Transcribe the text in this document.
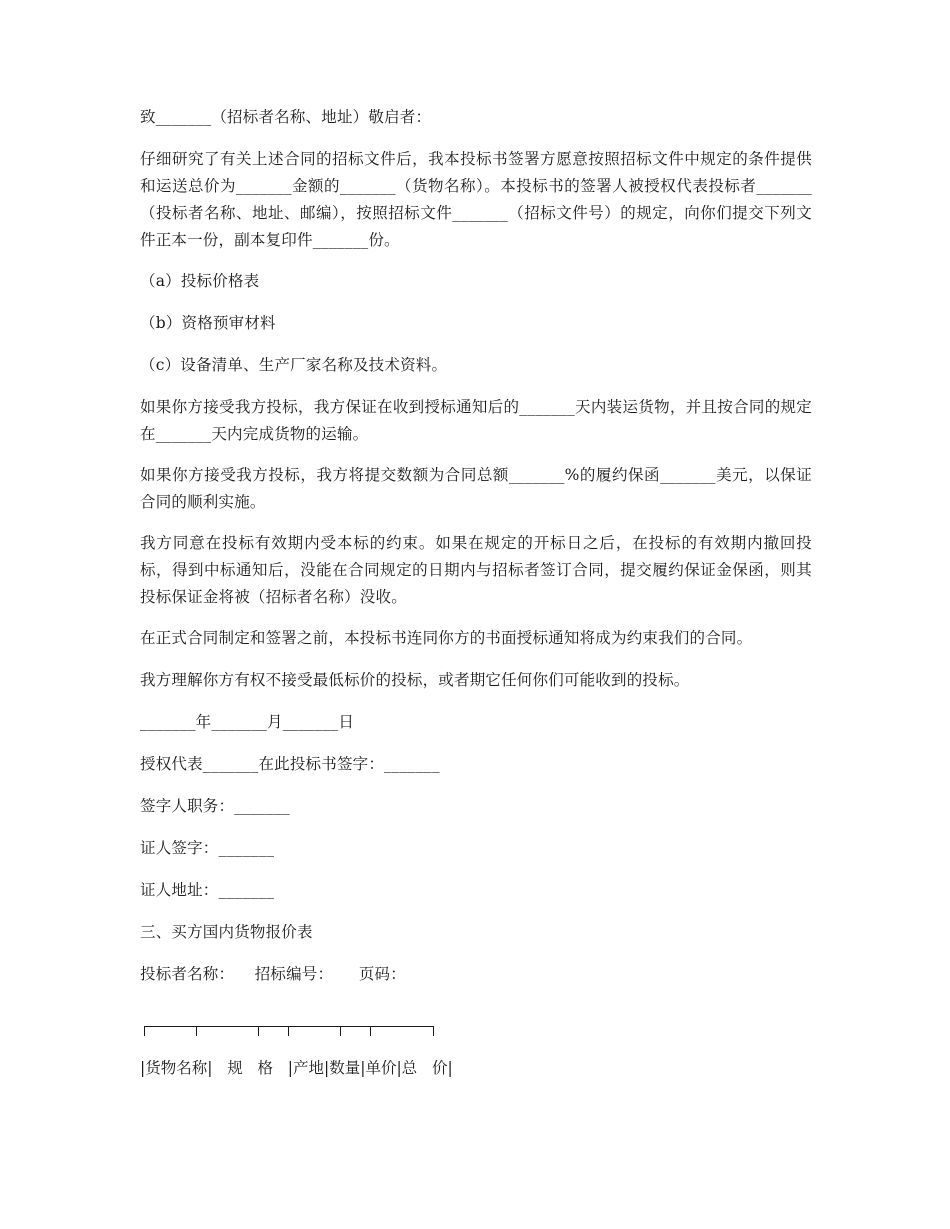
致_______（招标者名称、地址）敬启者：

仔细研究了有关上述合同的招标文件后，我本投标书签署方愿意按照招标文件中规定的条件提供和运送总价为_______金额的_______（货物名称）。本投标书的签署人被授权代表投标者_______（投标者名称、地址、邮编），按照招标文件_______（招标文件号）的规定，向你们提交下列文件正本一份，副本复印件_______份。

（a）投标价格表

（b）资格预审材料

（c）设备清单、生产厂家名称及技术资料。

如果你方接受我方投标，我方保证在收到授标通知后的_______天内装运货物，并且按合同的规定在_______天内完成货物的运输。

如果你方接受我方投标，我方将提交数额为合同总额_______%的履约保函_______美元，以保证合同的顺利实施。

我方同意在投标有效期内受本标的约束。如果在规定的开标日之后，在投标的有效期内撤回投标，得到中标通知后，没能在合同规定的日期内与招标者签订合同，提交履约保证金保函，则其投标保证金将被（招标者名称）没收。

在正式合同制定和签署之前，本投标书连同你方的书面授标通知将成为约束我们的合同。

我方理解你方有权不接受最低标价的投标，或者期它任何你们可能收到的投标。

_______年_______月_______日

授权代表_______在此投标书签字：_______

签字人职务：_______

证人签字：_______

证人地址：_______

三、买方国内货物报价表

投标者名称：    招标编号：     页码：

|货物名称|   规   格   |产地|数量|单价|总   价|
